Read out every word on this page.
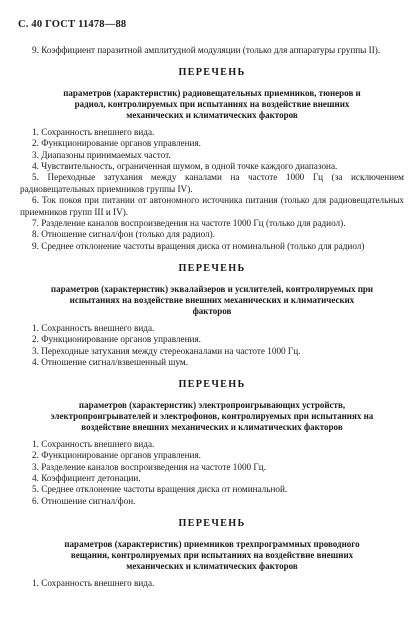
С. 40 ГОСТ 11478—88

9. Коэффициент паразитной амплитудной модуляции (только для аппаратуры группы II).

ПЕРЕЧЕНЬ
параметров (характеристик) радиовещательных приемников, тюнеров и радиол, контролируемых при испытаниях на воздействие внешних механических и климатических факторов
1. Сохранность внешнего вида.
2. Функционирование органов управления.
3. Диапазоны принимаемых частот.
4. Чувствительность, ограниченная шумом, в одной точке каждого диапазона.
5. Переходные затухания между каналами на частоте 1000 Гц (за исключением радиовещательных приемников группы IV).
6. Ток покоя при питании от автономного источника питания (только для радиовещательных приемников групп III и IV).
7. Разделение каналов воспроизведения на частоте 1000 Гц (только для радиол).
8. Отношение сигнал/фон (только для радиол).
9. Среднее отклонение частоты вращения диска от номинальной (только для радиол)
ПЕРЕЧЕНЬ
параметров (характеристик) эквалайзеров и усилителей, контролируемых при испытаниях на воздействие внешних механических и климатических факторов
1. Сохранность внешнего вида.
2. Функционирование органов управления.
3. Переходные затухания между стереоканалами на частоте 1000 Гц.
4. Отношение сигнал/взвешенный шум.
ПЕРЕЧЕНЬ
параметров (характеристик) электропроигрывающих устройств, электропроигрывателей и электрофонов, контролируемых при испытаниях на воздействие внешних механических и климатических факторов
1. Сохранность внешнего вида.
2. Функционирование органов управления.
3. Разделение каналов воспроизведения на частоте 1000 Гц.
4. Коэффициент детонации.
5. Среднее отклонение частоты вращения диска от номинальной.
6. Отношение сигнал/фон.
ПЕРЕЧЕНЬ
параметров (характеристик) приемников трехпрограммных проводного вещания, контролируемых при испытаниях на воздействие внешних механических и климатических факторов
1. Сохранность внешнего вида.
